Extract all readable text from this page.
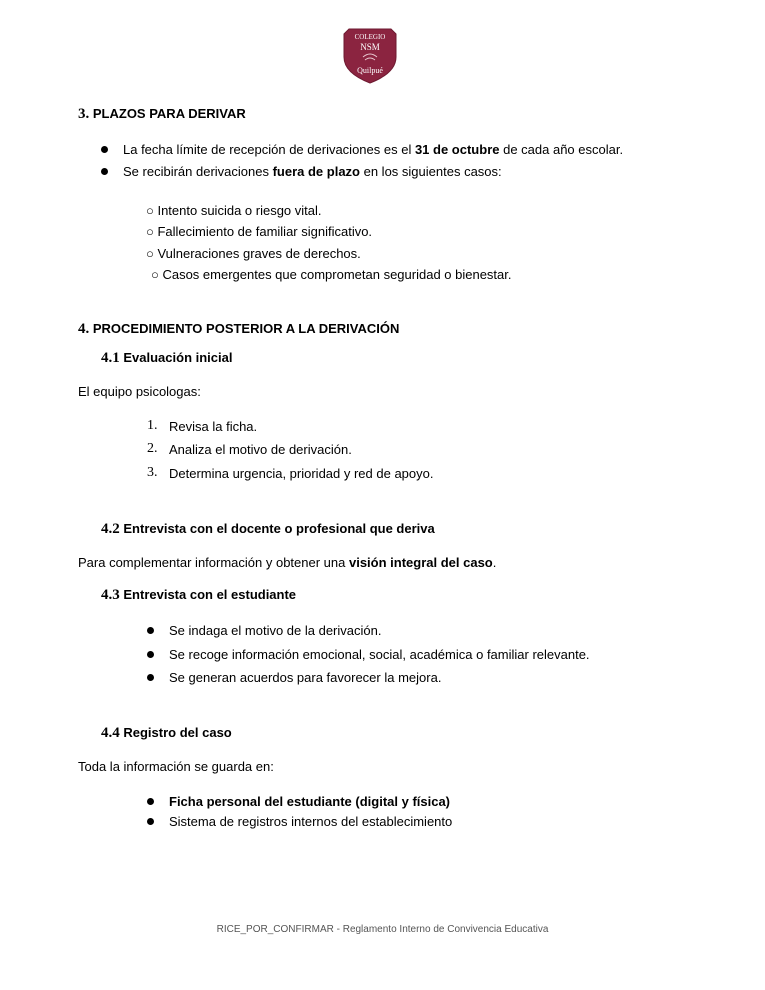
COLEGIO
NSM
Quilpué
3. PLAZOS PARA DERIVAR
La fecha límite de recepción de derivaciones es el 31 de octubre de cada año escolar.
Se recibirán derivaciones fuera de plazo en los siguientes casos:
○ Intento suicida o riesgo vital.
○ Fallecimiento de familiar significativo.
○ Vulneraciones graves de derechos.
○ Casos emergentes que comprometan seguridad o bienestar.
4. PROCEDIMIENTO POSTERIOR A LA DERIVACIÓN
4.1 Evaluación inicial
El equipo psicologas:
1. Revisa la ficha.
2. Analiza el motivo de derivación.
3. Determina urgencia, prioridad y red de apoyo.
4.2 Entrevista con el docente o profesional que deriva
Para complementar información y obtener una visión integral del caso.
4.3 Entrevista con el estudiante
Se indaga el motivo de la derivación.
Se recoge información emocional, social, académica o familiar relevante.
Se generan acuerdos para favorecer la mejora.
4.4 Registro del caso
Toda la información se guarda en:
Ficha personal del estudiante (digital y física)
Sistema de registros internos del establecimiento
RICE_POR_CONFIRMAR - Reglamento Interno de Convivencia Educativa
